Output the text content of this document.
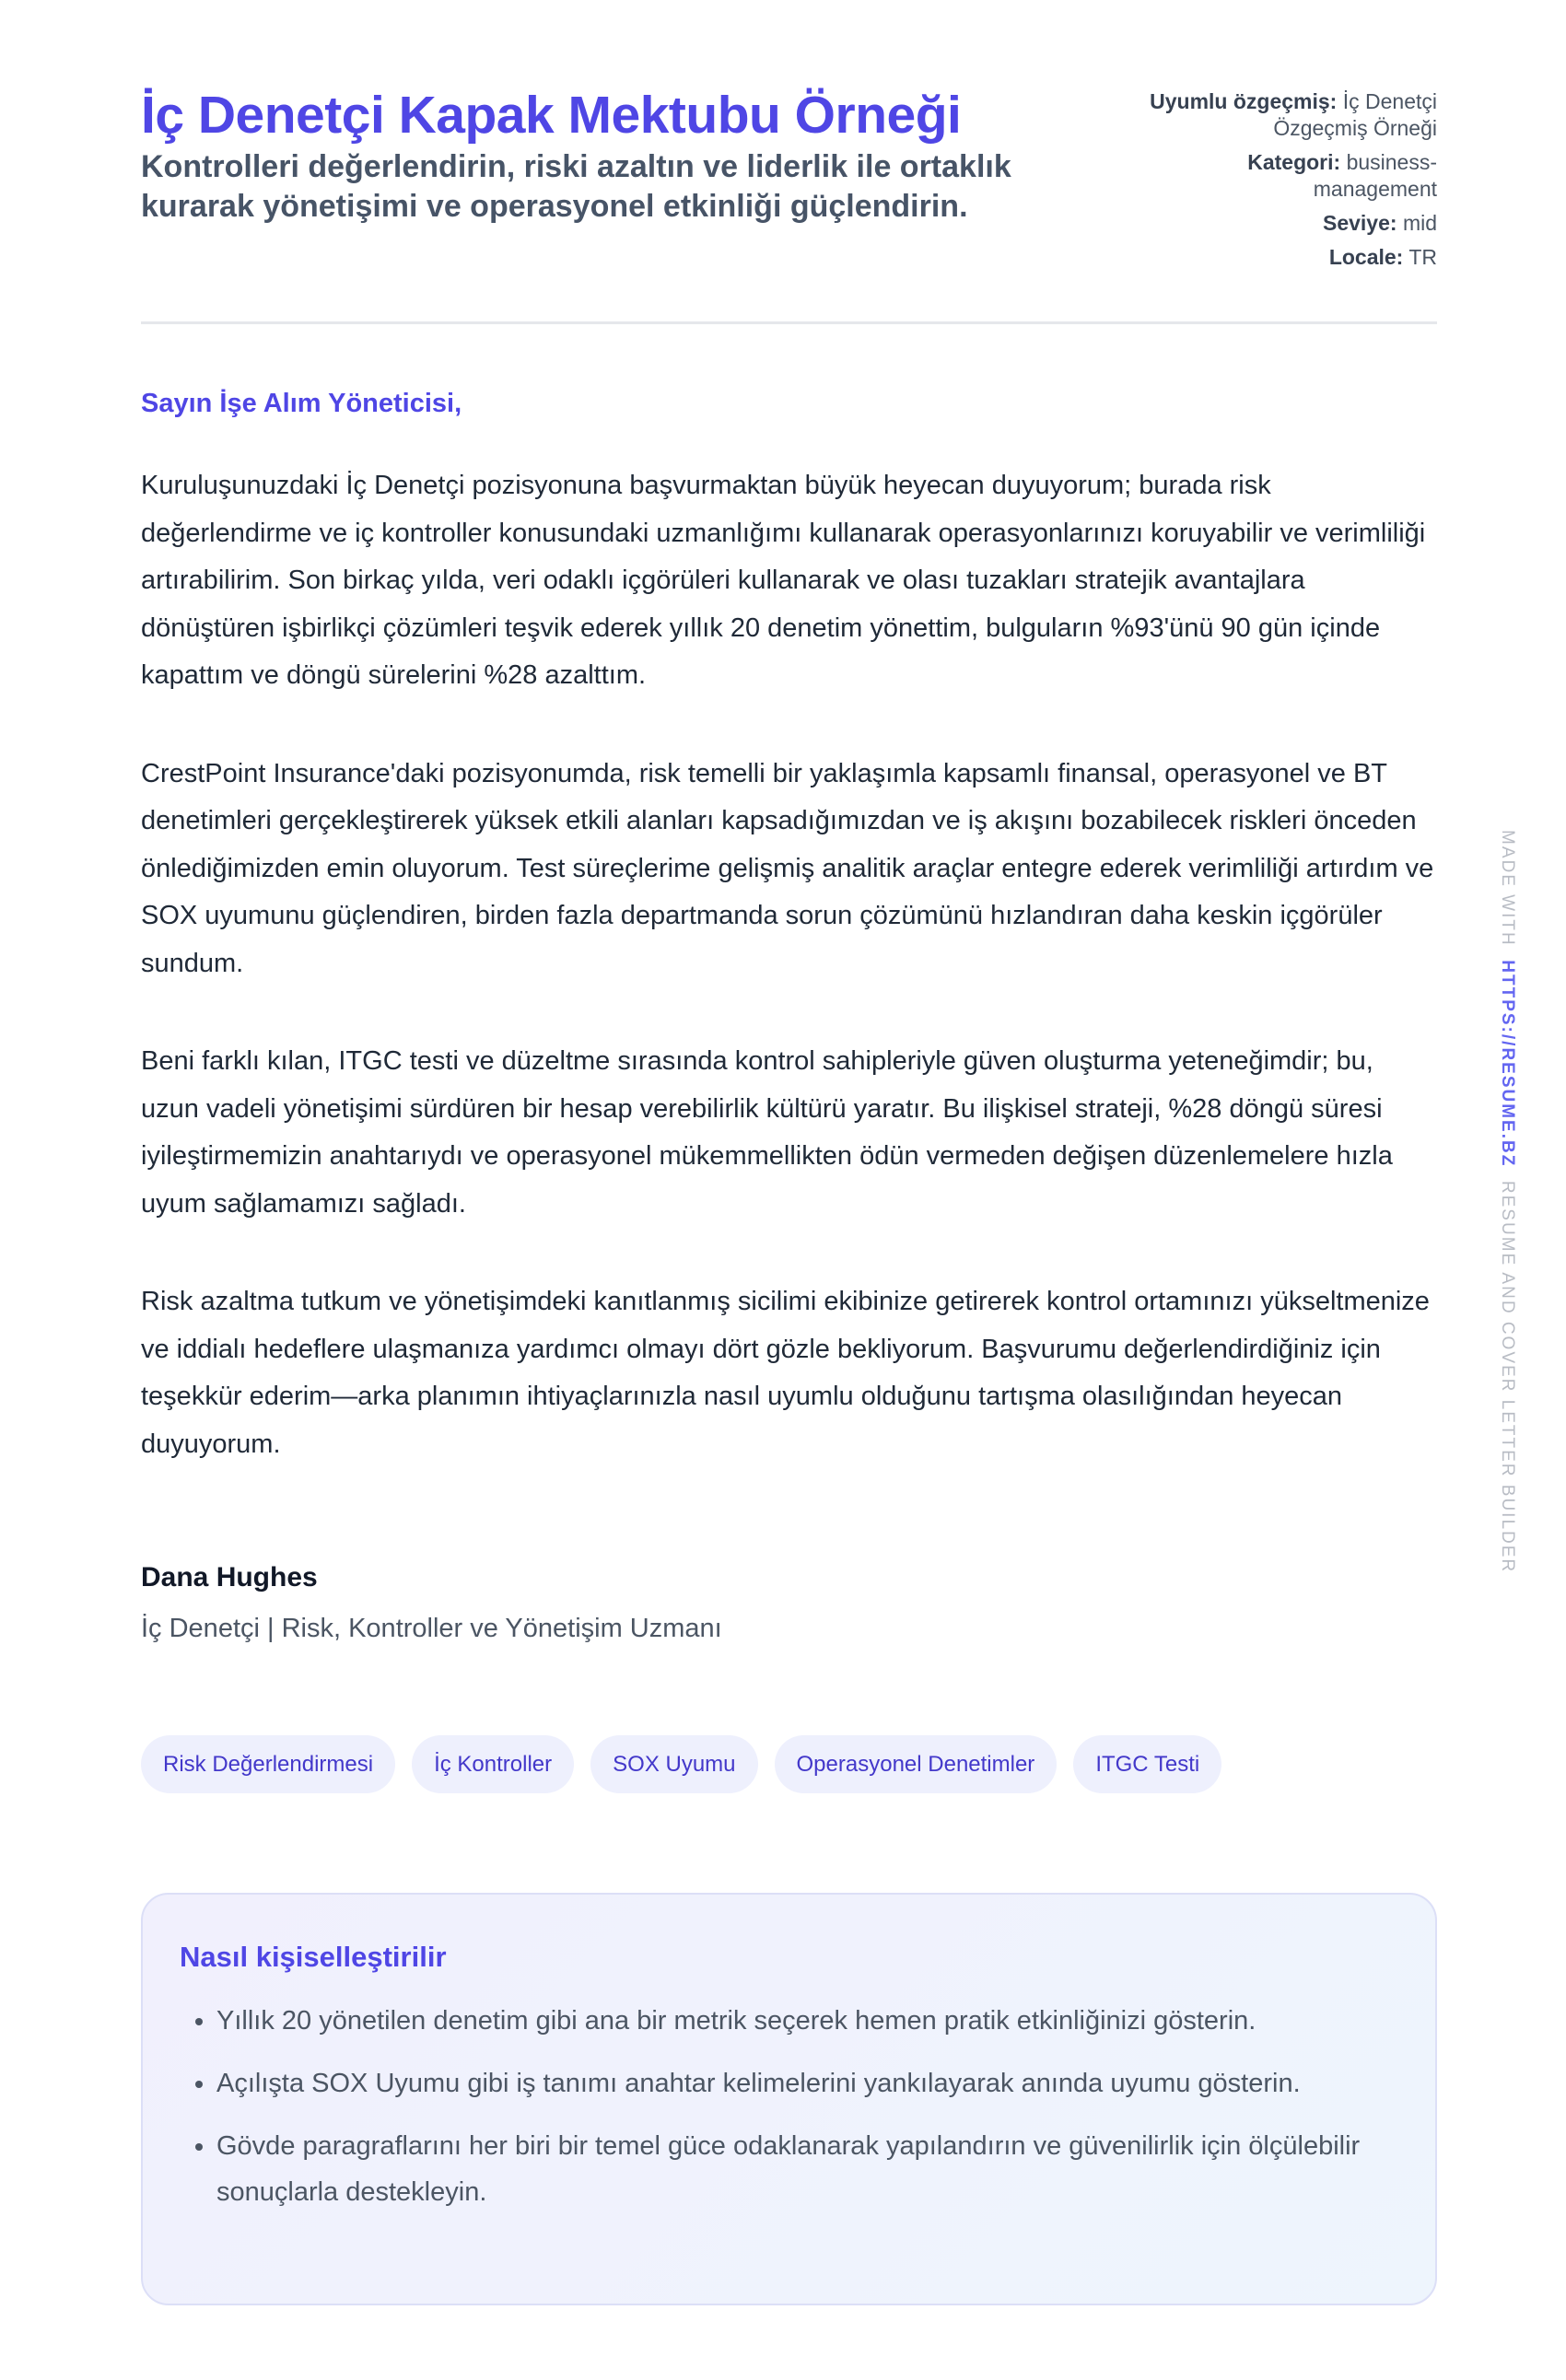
İç Denetçi Kapak Mektubu Örneği

Kontrolleri değerlendirin, riski azaltın ve liderlik ile ortaklık kurarak yönetişimi ve operasyonel etkinliği güçlendirin.

Uyumlu özgeçmiş: İç Denetçi Özgeçmiş Örneği
Kategori: business-management
Seviye: mid
Locale: TR
Sayın İşe Alım Yöneticisi,

Kuruluşunuzdaki İç Denetçi pozisyonuna başvurmaktan büyük heyecan duyuyorum; burada risk değerlendirme ve iç kontroller konusundaki uzmanlığımı kullanarak operasyonlarınızı koruyabilir ve verimliliği artırabilirim. Son birkaç yılda, veri odaklı içgörüleri kullanarak ve olası tuzakları stratejik avantajlara dönüştüren işbirlikçi çözümleri teşvik ederek yıllık 20 denetim yönettim, bulguların %93'ünü 90 gün içinde kapattım ve döngü sürelerini %28 azalttım.

CrestPoint Insurance'daki pozisyonumda, risk temelli bir yaklaşımla kapsamlı finansal, operasyonel ve BT denetimleri gerçekleştirerek yüksek etkili alanları kapsadığımızdan ve iş akışını bozabilecek riskleri önceden önlediğimizden emin oluyorum. Test süreçlerime gelişmiş analitik araçlar entegre ederek verimliliği artırdım ve SOX uyumunu güçlendiren, birden fazla departmanda sorun çözümünü hızlandıran daha keskin içgörüler sundum.

Beni farklı kılan, ITGC testi ve düzeltme sırasında kontrol sahipleriyle güven oluşturma yeteneğimdir; bu, uzun vadeli yönetişimi sürdüren bir hesap verebilirlik kültürü yaratır. Bu ilişkisel strateji, %28 döngü süresi iyileştirmemizin anahtarıydı ve operasyonel mükemmellikten ödün vermeden değişen düzenlemelere hızla uyum sağlamamızı sağladı.

Risk azaltma tutkum ve yönetişimdeki kanıtlanmış sicilimi ekibinize getirerek kontrol ortamınızı yükseltmenize ve iddialı hedeflere ulaşmanıza yardımcı olmayı dört gözle bekliyorum. Başvurumu değerlendirdiğiniz için teşekkür ederim—arka planımın ihtiyaçlarınızla nasıl uyumlu olduğunu tartışma olasılığından heyecan duyuyorum.

Dana Hughes
İç Denetçi | Risk, Kontroller ve Yönetişim Uzmanı
Risk Değerlendirmesi	İç Kontroller	SOX Uyumu	Operasyonel Denetimler	ITGC Testi
Nasıl kişiselleştirilir
• Yıllık 20 yönetilen denetim gibi ana bir metrik seçerek hemen pratik etkinliğinizi gösterin.
• Açılışta SOX Uyumu gibi iş tanımı anahtar kelimelerini yankılayarak anında uyumu gösterin.
• Gövde paragraflarını her biri bir temel güce odaklanarak yapılandırın ve güvenilirlik için ölçülebilir sonuçlarla destekleyin.
MADE WITH  HTTPS://RESUME.BZ  RESUME AND COVER LETTER BUILDER
